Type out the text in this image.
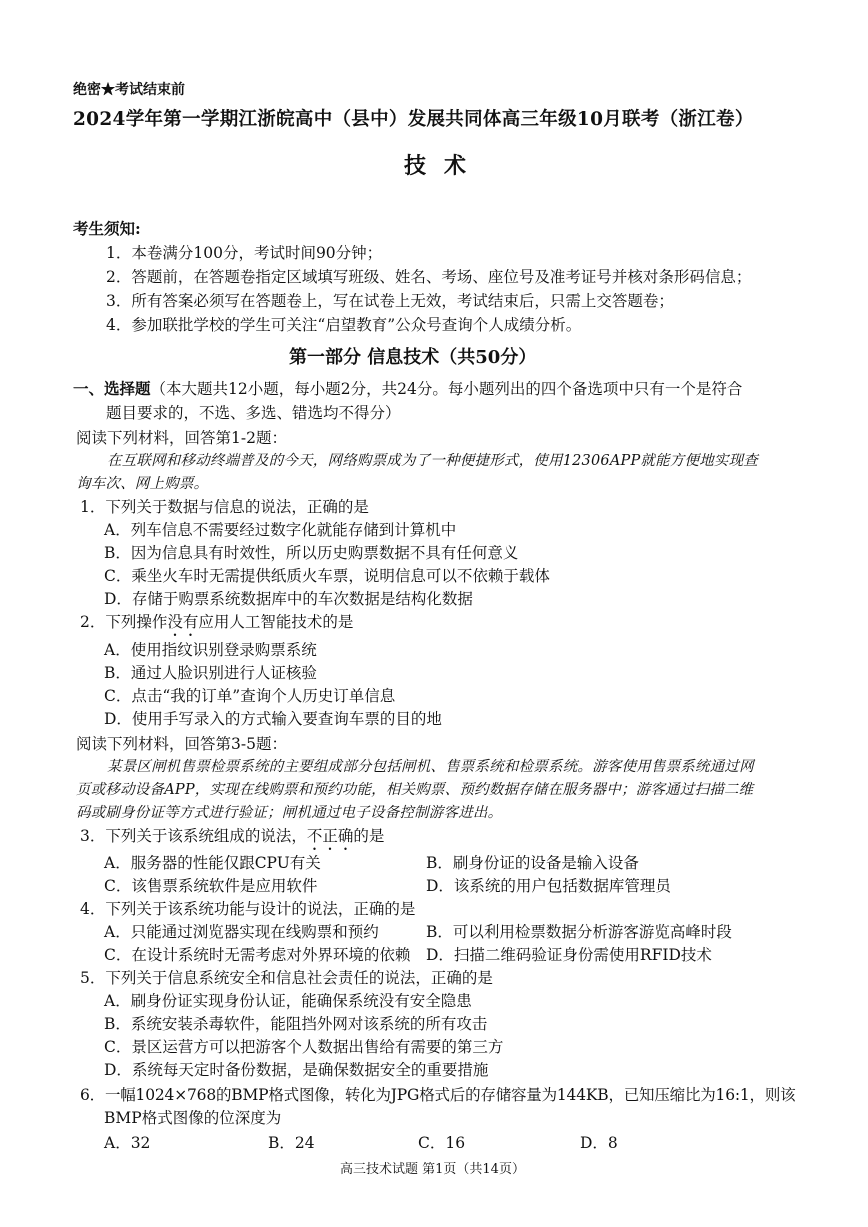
绝密★考试结束前
2024学年第一学期江浙皖高中（县中）发展共同体高三年级10月联考（浙江卷）
技术
考生须知:
1．本卷满分100分，考试时间90分钟；
2．答题前，在答题卷指定区域填写班级、姓名、考场、座位号及准考证号并核对条形码信息；
3．所有答案必须写在答题卷上，写在试卷上无效，考试结束后，只需上交答题卷；
4．参加联批学校的学生可关注“启望教育”公众号查询个人成绩分析。
第一部分 信息技术（共50分）
一、选择题（本大题共12小题，每小题2分，共24分。每小题列出的四个备选项中只有一个是符合
题目要求的，不选、多选、错选均不得分）
阅读下列材料，回答第1-2题：
在互联网和移动终端普及的今天，网络购票成为了一种便捷形式，使用12306APP就能方便地实现查
询车次、网上购票。
1．下列关于数据与信息的说法，正确的是
A．列车信息不需要经过数字化就能存储到计算机中
B．因为信息具有时效性，所以历史购票数据不具有任何意义
C．乘坐火车时无需提供纸质火车票，说明信息可以不依赖于载体
D．存储于购票系统数据库中的车次数据是结构化数据
2．下列操作没有应用人工智能技术的是
A．使用指纹识别登录购票系统
B．通过人脸识别进行人证核验
C．点击“我的订单”查询个人历史订单信息
D．使用手写录入的方式输入要查询车票的目的地
阅读下列材料，回答第3-5题：
某景区闸机售票检票系统的主要组成部分包括闸机、售票系统和检票系统。游客使用售票系统通过网
页或移动设备APP，实现在线购票和预约功能，相关购票、预约数据存储在服务器中；游客通过扫描二维
码或刷身份证等方式进行验证；闸机通过电子设备控制游客进出。
3．下列关于该系统组成的说法，不正确的是
A．服务器的性能仅跟CPU有关	B．刷身份证的设备是输入设备
C．该售票系统软件是应用软件	D．该系统的用户包括数据库管理员
4．下列关于该系统功能与设计的说法，正确的是
A．只能通过浏览器实现在线购票和预约	B．可以利用检票数据分析游客游览高峰时段
C．在设计系统时无需考虑对外界环境的依赖 D．扫描二维码验证身份需使用RFID技术
5．下列关于信息系统安全和信息社会责任的说法，正确的是
A．刷身份证实现身份认证，能确保系统没有安全隐患
B．系统安装杀毒软件，能阻挡外网对该系统的所有攻击
C．景区运营方可以把游客个人数据出售给有需要的第三方
D．系统每天定时备份数据，是确保数据安全的重要措施
6．一幅1024×768的BMP格式图像，转化为JPG格式后的存储容量为144KB，已知压缩比为16:1，则该
BMP格式图像的位深度为
A．32	B．24	C．16	D．8
高三技术试题 第1页（共14页）
